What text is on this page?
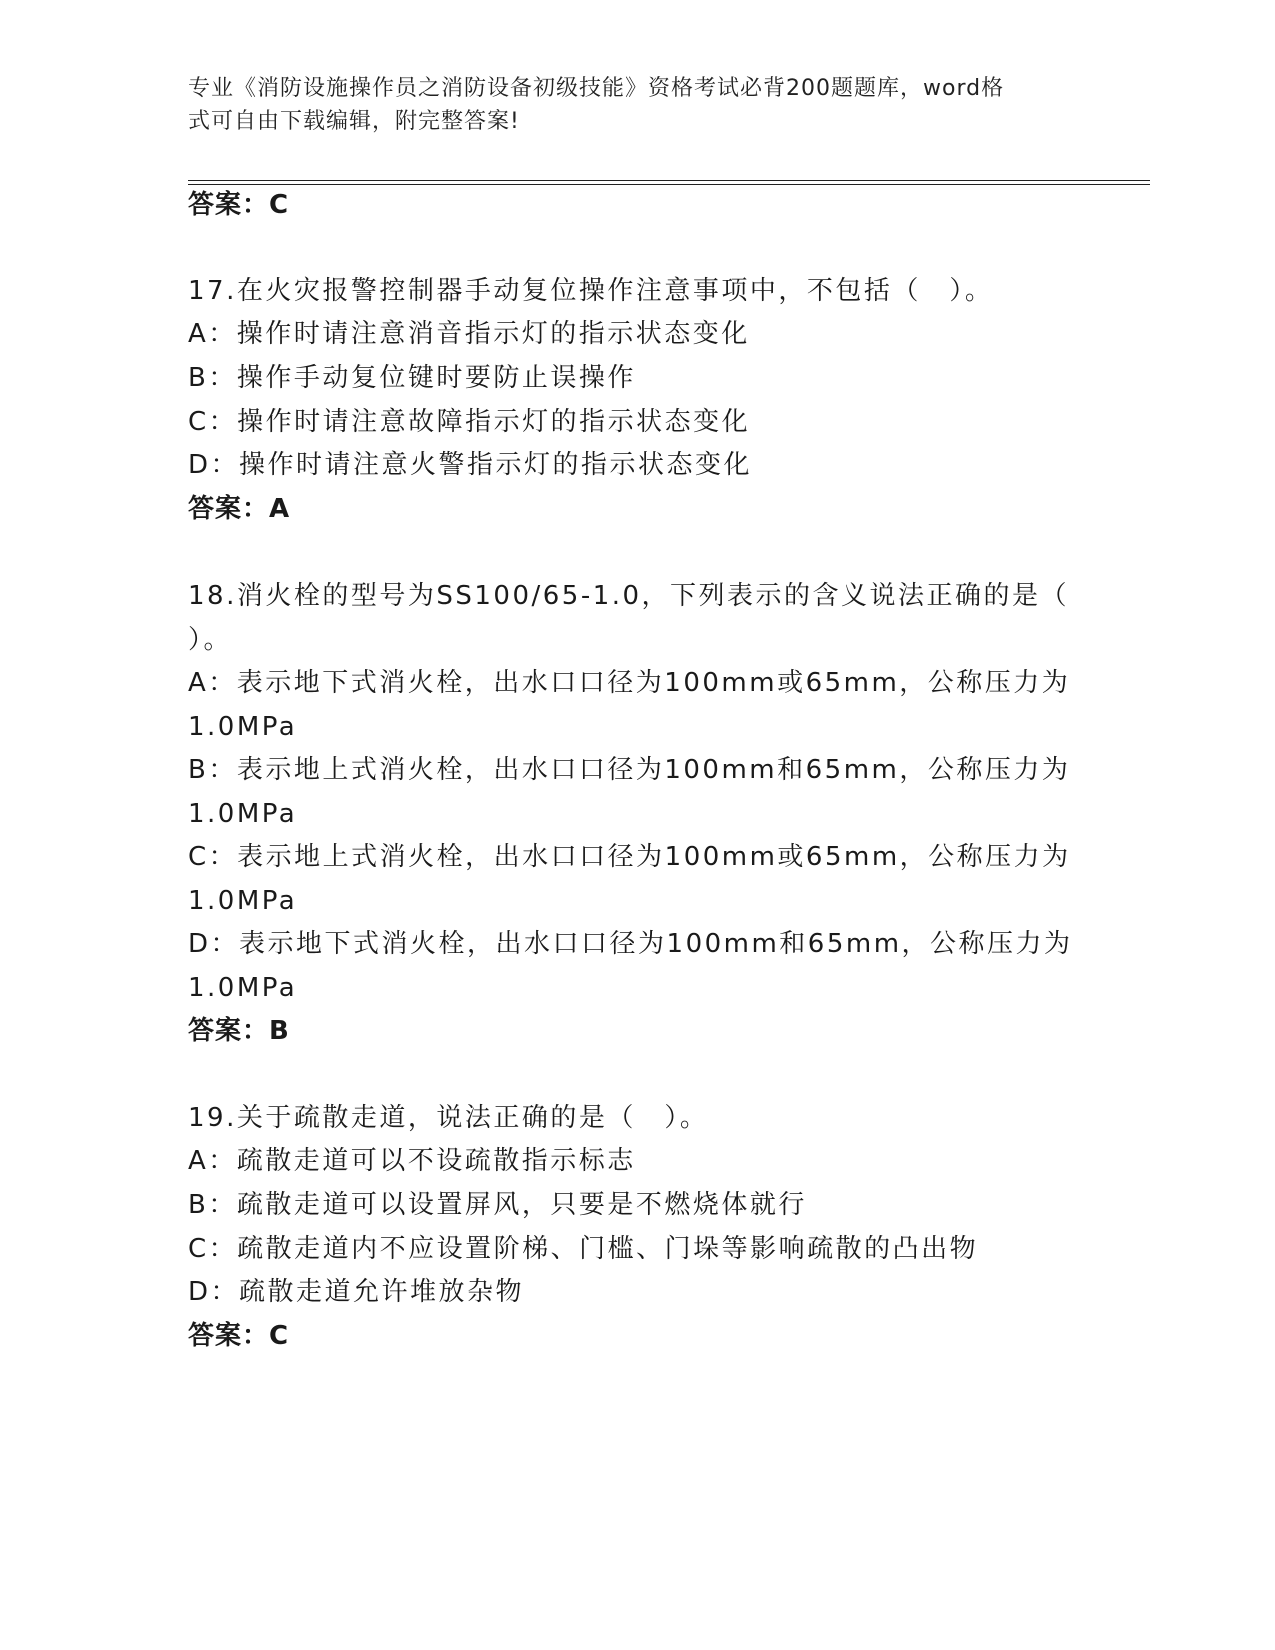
专业《消防设施操作员之消防设备初级技能》资格考试必背200题题库，word格
式可自由下载编辑，附完整答案!
答案：C
17.在火灾报警控制器手动复位操作注意事项中，不包括（　）。
A：操作时请注意消音指示灯的指示状态变化
B：操作手动复位键时要防止误操作
C：操作时请注意故障指示灯的指示状态变化
D：操作时请注意火警指示灯的指示状态变化
答案：A
18.消火栓的型号为SS100/65-1.0，下列表示的含义说法正确的是（
）。
A：表示地下式消火栓，出水口口径为100mm或65mm，公称压力为
1.0MPa
B：表示地上式消火栓，出水口口径为100mm和65mm，公称压力为
1.0MPa
C：表示地上式消火栓，出水口口径为100mm或65mm，公称压力为
1.0MPa
D：表示地下式消火栓，出水口口径为100mm和65mm，公称压力为
1.0MPa
答案：B
19.关于疏散走道，说法正确的是（　）。
A：疏散走道可以不设疏散指示标志
B：疏散走道可以设置屏风，只要是不燃烧体就行
C：疏散走道内不应设置阶梯、门槛、门垛等影响疏散的凸出物
D：疏散走道允许堆放杂物
答案：C
